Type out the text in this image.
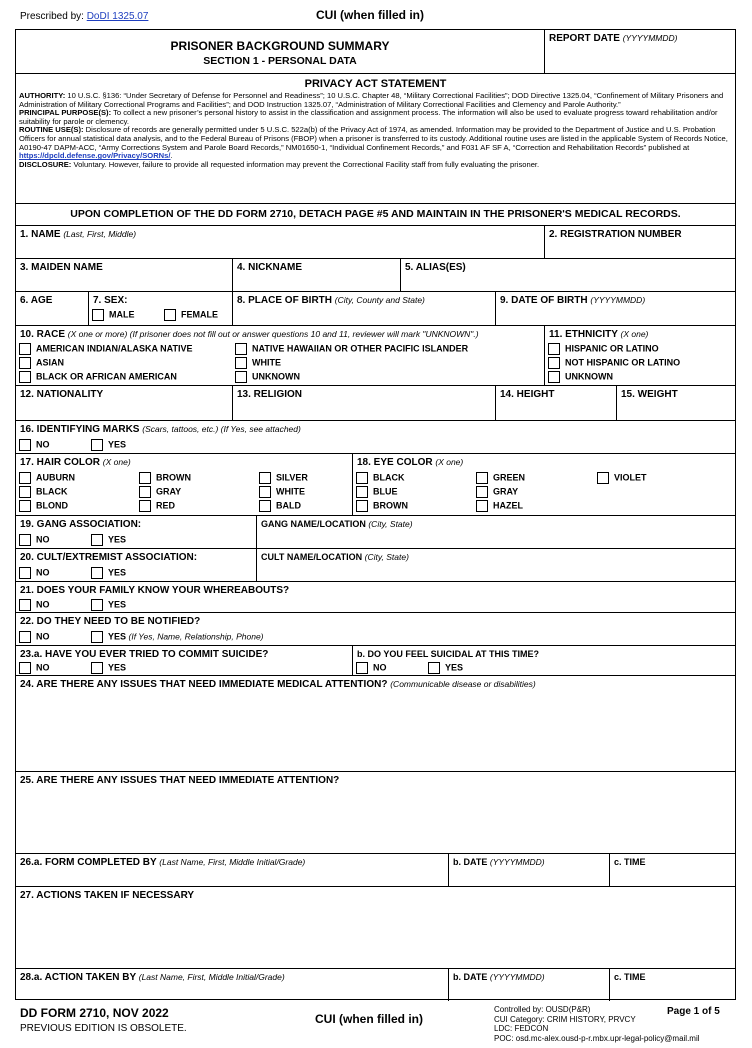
Prescribed by: DoDI 1325.07	CUI (when filled in)
PRISONER BACKGROUND SUMMARY
SECTION 1 - PERSONAL DATA
REPORT DATE (YYYYMMDD)
PRIVACY ACT STATEMENT
AUTHORITY: 10 U.S.C. §136: “Under Secretary of Defense for Personnel and Readiness”; 10 U.S.C. Chapter 48, “Military Correctional Facilities”; DOD Directive 1325.04, “Confinement of Military Prisoners and Administration of Military Correctional Programs and Facilities”; and DOD Instruction 1325.07, “Administration of Military Correctional Facilities and Clemency and Parole Authority.”
PRINCIPAL PURPOSE(S): To collect a new prisoner’s personal history to assist in the classification and assignment process. The information will also be used to evaluate progress toward rehabilitation and/or suitability for parole or clemency.
ROUTINE USE(S): Disclosure of records are generally permitted under 5 U.S.C. 522a(b) of the Privacy Act of 1974, as amended. Information may be provided to the Department of Justice and U.S. Probation Officers for annual statistical data analysis, and to the Federal Bureau of Prisons (FBOP) when a prisoner is transferred to its custody. Additional routine uses are listed in the applicable System of Records Notice, A0190-47 DAPM-ACC, “Army Corrections System and Parole Board Records,” NM01650-1, “Individual Confinement Records,” and F031 AF SF A, “Correction and Rehabilitation Records” published at https://dpcld.defense.gov/Privacy/SORNs/.
DISCLOSURE: Voluntary. However, failure to provide all requested information may prevent the Correctional Facility staff from fully evaluating the prisoner.
UPON COMPLETION OF THE DD FORM 2710, DETACH PAGE #5 AND MAINTAIN IN THE PRISONER'S MEDICAL RECORDS.
1. NAME (Last, First, Middle)	2. REGISTRATION NUMBER
3. MAIDEN NAME	4. NICKNAME	5. ALIAS(ES)
6. AGE	7. SEX:
MALE	FEMALE
8. PLACE OF BIRTH (City, County and State)	9. DATE OF BIRTH (YYYYMMDD)
10. RACE (X one or more) (If prisoner does not fill out or answer questions 10 and 11, reviewer will mark "UNKNOWN".)
AMERICAN INDIAN/ALASKA NATIVE
ASIAN
BLACK OR AFRICAN AMERICAN
NATIVE HAWAIIAN OR OTHER PACIFIC ISLANDER
WHITE
UNKNOWN
11. ETHNICITY (X one)
HISPANIC OR LATINO
NOT HISPANIC OR LATINO
UNKNOWN
12. NATIONALITY	13. RELIGION	14. HEIGHT	15. WEIGHT
16. IDENTIFYING MARKS (Scars, tattoos, etc.) (If Yes, see attached)
NO	YES
17. HAIR COLOR (X one)
AUBURN
BLACK
BLOND
BROWN
GRAY
RED
SILVER
WHITE
BALD
18. EYE COLOR (X one)
BLACK
BLUE
BROWN
GREEN
GRAY
HAZEL
VIOLET
19. GANG ASSOCIATION:
NO	YES
GANG NAME/LOCATION (City, State)
20. CULT/EXTREMIST ASSOCIATION:
NO	YES
CULT NAME/LOCATION (City, State)
21. DOES YOUR FAMILY KNOW YOUR WHEREABOUTS?
NO	YES
22. DO THEY NEED TO BE NOTIFIED?
NO	YES (If Yes, Name, Relationship, Phone)
23.a. HAVE YOU EVER TRIED TO COMMIT SUICIDE?
NO	YES
b. DO YOU FEEL SUICIDAL AT THIS TIME?
NO	YES
24. ARE THERE ANY ISSUES THAT NEED IMMEDIATE MEDICAL ATTENTION? (Communicable disease or disabilities)
25. ARE THERE ANY ISSUES THAT NEED IMMEDIATE ATTENTION?
26.a. FORM COMPLETED BY (Last Name, First, Middle Initial/Grade)	b. DATE (YYYYMMDD)	c. TIME
27. ACTIONS TAKEN IF NECESSARY
28.a. ACTION TAKEN BY (Last Name, First, Middle Initial/Grade)	b. DATE (YYYYMMDD)	c. TIME
DD FORM 2710, NOV 2022
PREVIOUS EDITION IS OBSOLETE.
CUI (when filled in)
Controlled by: OUSD(P&R)
CUI Category: CRIM HISTORY, PRVCY
LDC: FEDCON
POC: osd.mc-alex.ousd-p-r.mbx.upr-legal-policy@mail.mil
Page 1 of 5
